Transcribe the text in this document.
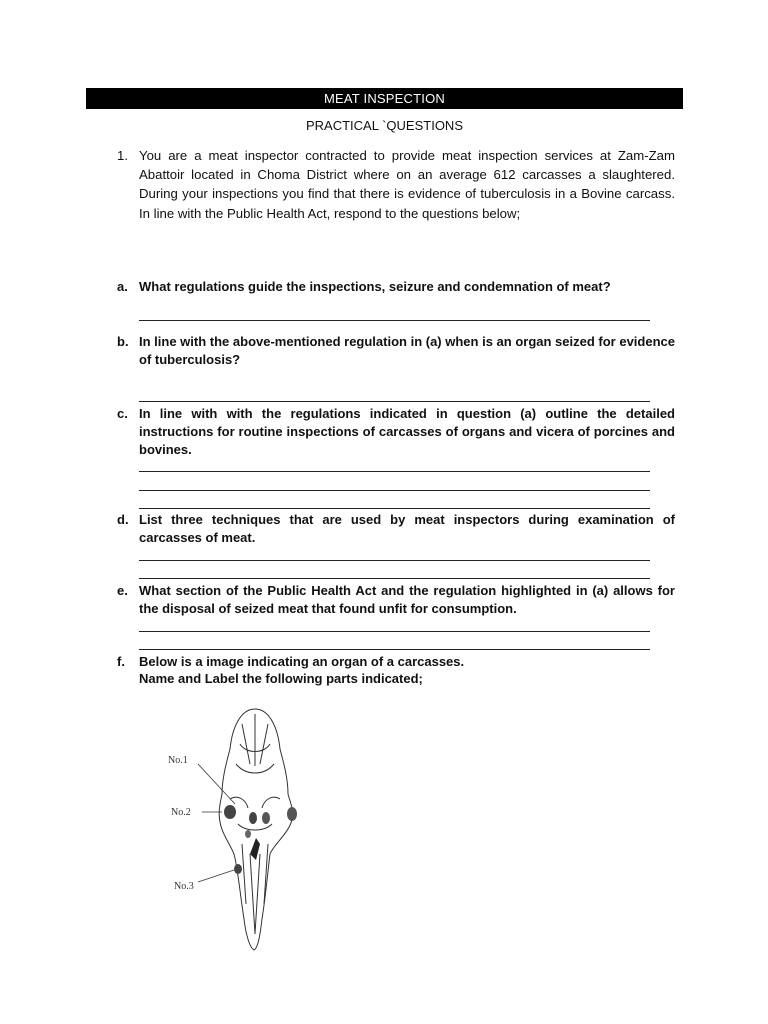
MEAT INSPECTION
PRACTICAL `QUESTIONS
1. You are a meat inspector contracted to provide meat inspection services at Zam-Zam Abattoir located in Choma District where on an average 612 carcasses a slaughtered. During your inspections you find that there is evidence of tuberculosis in a Bovine carcass. In line with the Public Health Act, respond to the questions below;
a. What regulations guide the inspections, seizure and condemnation of meat?
b. In line with the above-mentioned regulation in (a) when is an organ seized for evidence of tuberculosis?
c. In line with with the regulations indicated in question (a) outline the detailed instructions for routine inspections of carcasses of organs and vicera of porcines and bovines.
d. List three techniques that are used by meat inspectors during examination of carcasses of meat.
e. What section of the Public Health Act and the regulation highlighted in (a) allows for the disposal of seized meat that found unfit for consumption.
f.	Below is a image indicating an organ of a carcasses.
Name and Label the following parts indicated;
No.1
No.2
No.3
